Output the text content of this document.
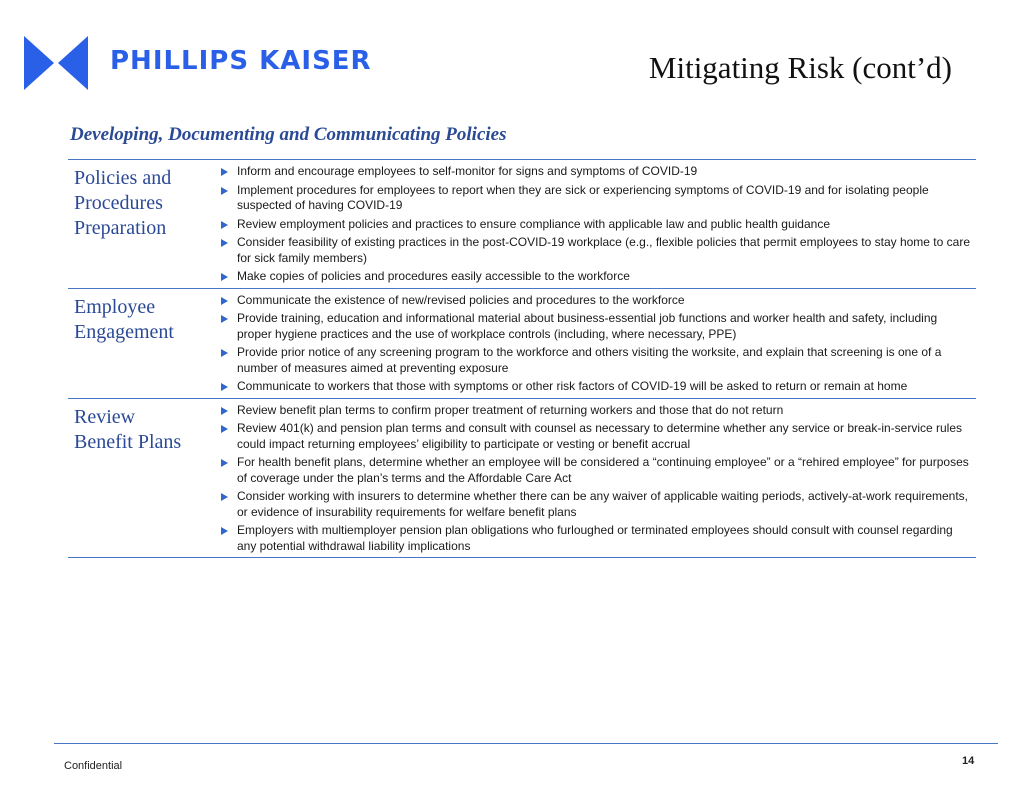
PHILLIPS KAISER	Mitigating Risk (cont’d)
Developing, Documenting and Communicating Policies
Policies and
Procedures
Preparation
Inform and encourage employees to self-monitor for signs and symptoms of COVID-19
Implement procedures for employees to report when they are sick or experiencing symptoms of COVID-19 and for isolating people suspected of having COVID-19
Review employment policies and practices to ensure compliance with applicable law and public health guidance
Consider feasibility of existing practices in the post-COVID-19 workplace (e.g., flexible policies that permit employees to stay home to care for sick family members)
Make copies of policies and procedures easily accessible to the workforce
Employee
Engagement
Communicate the existence of new/revised policies and procedures to the workforce
Provide training, education and informational material about business-essential job functions and worker health and safety, including proper hygiene practices and the use of workplace controls (including, where necessary, PPE)
Provide prior notice of any screening program to the workforce and others visiting the worksite, and explain that screening is one of a number of measures aimed at preventing exposure
Communicate to workers that those with symptoms or other risk factors of COVID-19 will be asked to return or remain at home
Review
Benefit Plans
Review benefit plan terms to confirm proper treatment of returning workers and those that do not return
Review 401(k) and pension plan terms and consult with counsel as necessary to determine whether any service or break-in-service rules could impact returning employees’ eligibility to participate or vesting or benefit accrual
For health benefit plans, determine whether an employee will be considered a “continuing employee” or a “rehired employee” for purposes of coverage under the plan’s terms and the Affordable Care Act
Consider working with insurers to determine whether there can be any waiver of applicable waiting periods, actively-at-work requirements, or evidence of insurability requirements for welfare benefit plans
Employers with multiemployer pension plan obligations who furloughed or terminated employees should consult with counsel regarding any potential withdrawal liability implications
Confidential	14
